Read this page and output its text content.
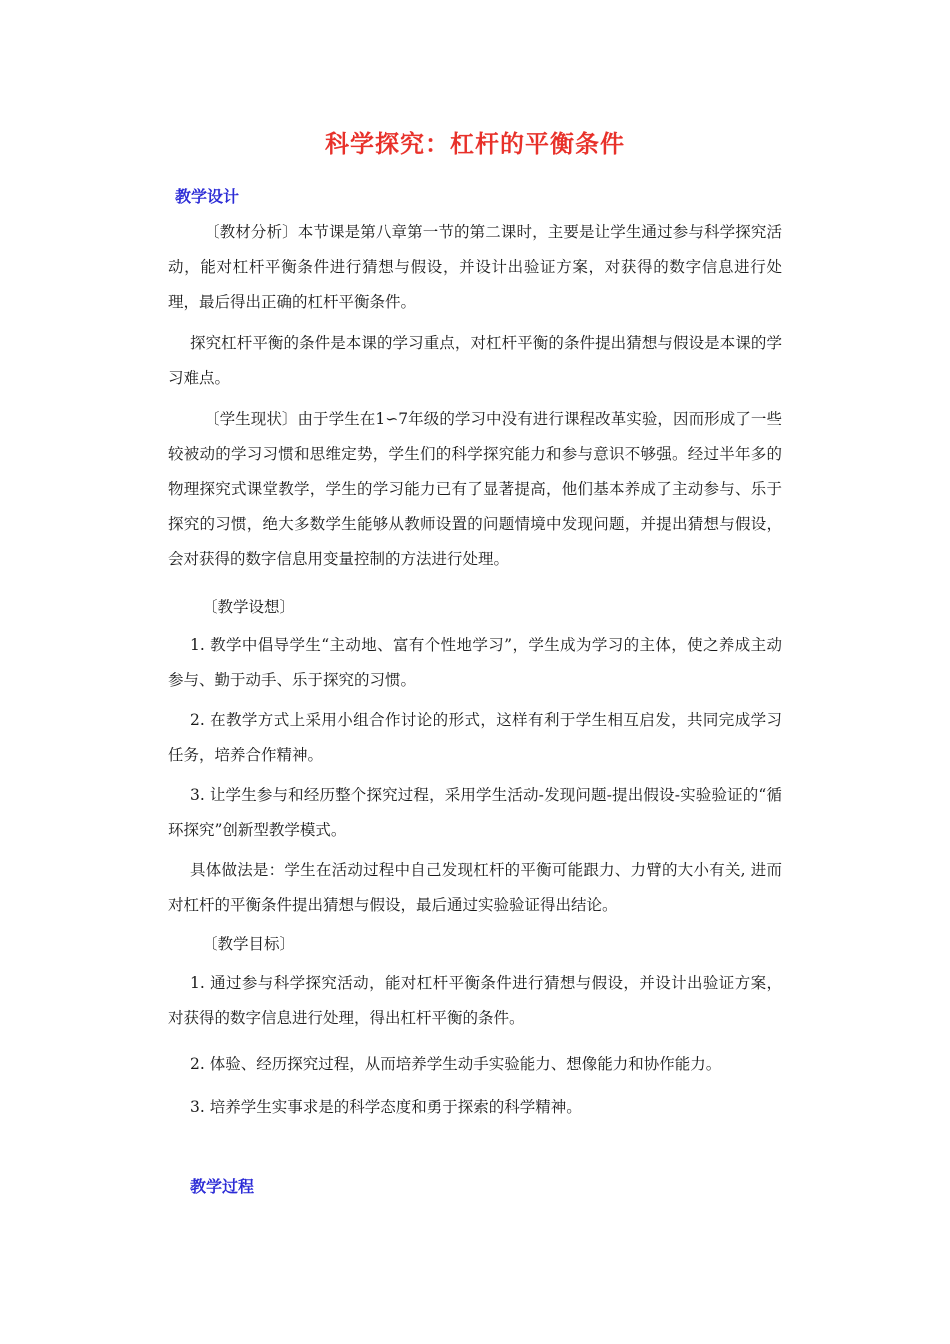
科学探究：杠杆的平衡条件
教学设计

〔教材分析〕本节课是第八章第一节的第二课时，主要是让学生通过参与科学探究活动，能对杠杆平衡条件进行猜想与假设，并设计出验证方案，对获得的数字信息进行处理，最后得出正确的杠杆平衡条件。

探究杠杆平衡的条件是本课的学习重点，对杠杆平衡的条件提出猜想与假设是本课的学习难点。

〔学生现状〕由于学生在1∽7年级的学习中没有进行课程改革实验，因而形成了一些较被动的学习习惯和思维定势，学生们的科学探究能力和参与意识不够强。经过半年多的物理探究式课堂教学，学生的学习能力已有了显著提高，他们基本养成了主动参与、乐于探究的习惯，绝大多数学生能够从教师设置的问题情境中发现问题，并提出猜想与假设，会对获得的数字信息用变量控制的方法进行处理。

〔教学设想〕

1. 教学中倡导学生“主动地、富有个性地学习”，学生成为学习的主体，使之养成主动参与、勤于动手、乐于探究的习惯。

2. 在教学方式上采用小组合作讨论的形式，这样有利于学生相互启发，共同完成学习任务，培养合作精神。

3. 让学生参与和经历整个探究过程，采用学生活动-发现问题-提出假设-实验验证的“循环探究”创新型教学模式。

具体做法是：学生在活动过程中自己发现杠杆的平衡可能跟力、力臂的大小有关, 进而对杠杆的平衡条件提出猜想与假设，最后通过实验验证得出结论。

〔教学目标〕

1. 通过参与科学探究活动，能对杠杆平衡条件进行猜想与假设，并设计出验证方案，对获得的数字信息进行处理，得出杠杆平衡的条件。

2. 体验、经历探究过程，从而培养学生动手实验能力、想像能力和协作能力。

3. 培养学生实事求是的科学态度和勇于探索的科学精神。

教学过程
